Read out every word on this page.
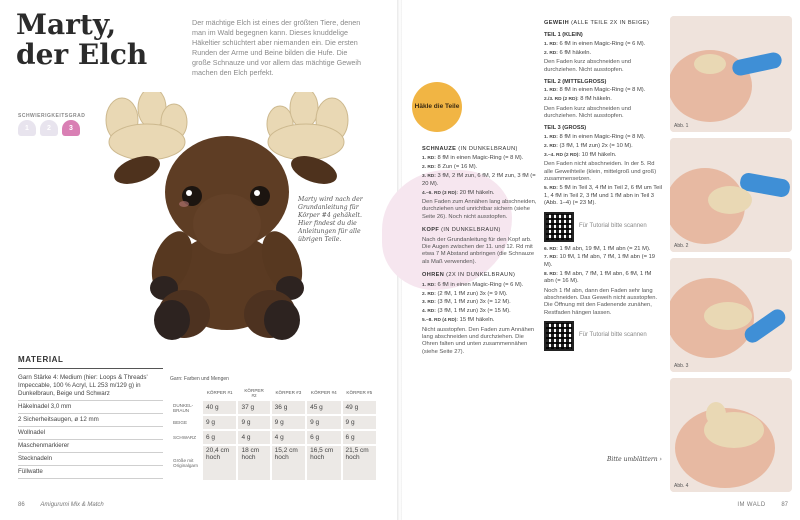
Marty,
der Elch
Der mächtige Elch ist eines der größten Tiere, denen man im Wald begegnen kann. Dieses knuddelige Häkeltier schüchtert aber niemanden ein. Die ersten Runden der Arme und Beine bilden die Hufe. Die große Schnauze und vor allem das mächtige Geweih machen den Elch perfekt.
SCHWIERIGKEITSGRAD
1	2	3
Marty wird nach der Grundanleitung für Körper #4 gehäkelt. Hier findest du die Anleitungen für alle übrigen Teile.
MATERIAL
Garn Stärke 4: Medium (hier: Loops & Threads' Impeccable, 100 % Acryl, LL 253 m/129 g) in Dunkelbraun, Beige und Schwarz
Häkelnadel 3,0 mm
2 Sicherheitsaugen, ø 12 mm
Wollnadel
Maschenmarkierer
Stecknadeln
Füllwatte
Garn: Farben und Mengen
	KÖRPER #1	KÖRPER #2	KÖRPER #3	KÖRPER #4	KÖRPER #5
DUNKEL-BRAUN	40 g	37 g	36 g	45 g	49 g
BEIGE	9 g	9 g	9 g	9 g	9 g
SCHWARZ	6 g	4 g	4 g	6 g	6 g
Größe mit Originalgarn	20,4 cm hoch	18 cm hoch	15,2 cm hoch	16,5 cm hoch	21,5 cm hoch
86	Amigurumi Mix & Match
Häkle die Teile
SCHNAUZE (IN DUNKELBRAUN)
1. RD: 8 fM in einen Magic-Ring (= 8 M).
2. RD: 8 Zun (= 16 M).
3. RD: 3 fM, 2 fM zun, 6 fM, 2 fM zun, 3 fM (= 20 M).
4.–6. RD (3 RD): 20 fM häkeln.
Den Faden zum Annähen lang abschneiden, durchziehen und unrichtbar sichern (siehe Seite 26). Noch nicht ausstopfen.
KOPF (IN DUNKELBRAUN)
Nach der Grundanleitung für den Kopf arb. Die Augen zwischen der 11. und 12. Rd mit etwa 7 M Abstand anbringen (die Schnauze als Maß verwenden).
OHREN (2X IN DUNKELBRAUN)
1. RD: 6 fM in einen Magic-Ring (= 6 M).
2. RD: (2 fM, 1 fM zun) 3x (= 9 M).
3. RD: (3 fM, 1 fM zun) 3x (= 12 M).
4. RD: (3 fM, 1 fM zun) 3x (= 15 M).
5.–8. RD (4 RD): 15 fM häkeln.
Nicht ausstopfen. Den Faden zum Annähen lang abschneiden und durchziehen. Die Ohren falten und unten zusammennähen (siehe Seite 27).
GEWEIH (ALLE TEILE 2X IN BEIGE)
TEIL 1 (KLEIN)
1. RD: 6 fM in einen Magic-Ring (= 6 M).
2. RD: 6 fM häkeln.
Den Faden kurz abschneiden und durchziehen. Nicht ausstopfen.
TEIL 2 (MITTELGROSS)
1. RD: 8 fM in einen Magic-Ring (= 8 M).
2./3. RD (2 RD): 8 fM häkeln.
Den Faden kurz abschneiden und durchziehen. Nicht ausstopfen.
TEIL 3 (GROSS)
1. RD: 8 fM in einen Magic-Ring (= 8 M).
2. RD: (3 fM, 1 fM zun) 2x (= 10 M).
3.–4. RD (2 RD): 10 fM häkeln.
Den Faden nicht abschneiden. In der 5. Rd alle Geweihteile (klein, mittelgroß und groß) zusammensetzen.
5. RD: 5 fM in Teil 3, 4 fM in Teil 2, 6 fM um Teil 1, 4 fM in Teil 2, 3 fM und 1 fM abn in Teil 3 (Abb. 1–4) (= 23 M).
Für Tutorial bitte scannen
6. RD: 1 fM abn, 19 fM, 1 fM abn (= 21 M).
7. RD: 10 fM, 1 fM abn, 7 fM, 1 fM abn (= 19 M).
8. RD: 1 fM abn, 7 fM, 1 fM abn, 6 fM, 1 fM abn (= 16 M).
Noch 1 fM abn, dann den Faden sehr lang abschneiden. Das Geweih nicht ausstopfen. Die Öffnung mit den Fadenende zunähen, Restfaden hängen lassen.
Für Tutorial bitte scannen
Abb. 1
Abb. 2
Abb. 3
Abb. 4
Bitte umblättern ›
IM WALD	87
